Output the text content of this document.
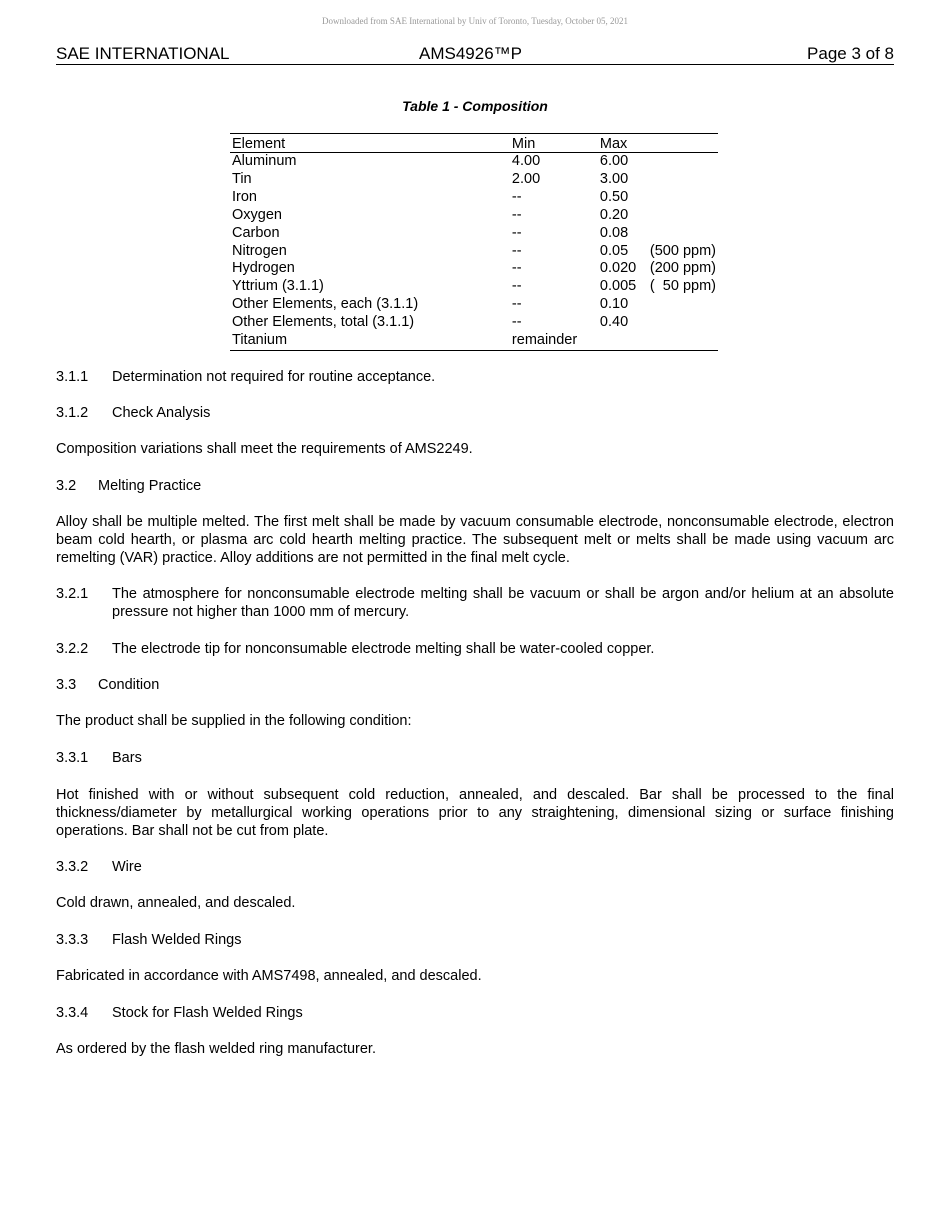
Downloaded from SAE International by Univ of Toronto, Tuesday, October 05, 2021
SAE INTERNATIONAL	AMS4926™P	Page 3 of 8
Table 1 - Composition
Element	Min	Max	
Aluminum	4.00	6.00	
Tin	2.00	3.00	
Iron	--	0.50	
Oxygen	--	0.20	
Carbon	--	0.08	
Nitrogen	--	0.05	(500 ppm)
Hydrogen	--	0.020	(200 ppm)
Yttrium (3.1.1)	--	0.005	(  50 ppm)
Other Elements, each (3.1.1)	--	0.10	
Other Elements, total (3.1.1)	--	0.40	
Titanium	remainder		
3.1.1 Determination not required for routine acceptance.
3.1.2 Check Analysis
Composition variations shall meet the requirements of AMS2249.
3.2 Melting Practice
Alloy shall be multiple melted. The first melt shall be made by vacuum consumable electrode, nonconsumable electrode, electron beam cold hearth, or plasma arc cold hearth melting practice. The subsequent melt or melts shall be made using vacuum arc remelting (VAR) practice. Alloy additions are not permitted in the final melt cycle.
3.2.1 The atmosphere for nonconsumable electrode melting shall be vacuum or shall be argon and/or helium at an absolute pressure not higher than 1000 mm of mercury.
3.2.2 The electrode tip for nonconsumable electrode melting shall be water-cooled copper.
3.3 Condition
The product shall be supplied in the following condition:
3.3.1 Bars
Hot finished with or without subsequent cold reduction, annealed, and descaled. Bar shall be processed to the final thickness/diameter by metallurgical working operations prior to any straightening, dimensional sizing or surface finishing operations. Bar shall not be cut from plate.
3.3.2 Wire
Cold drawn, annealed, and descaled.
3.3.3 Flash Welded Rings
Fabricated in accordance with AMS7498, annealed, and descaled.
3.3.4 Stock for Flash Welded Rings
As ordered by the flash welded ring manufacturer.
